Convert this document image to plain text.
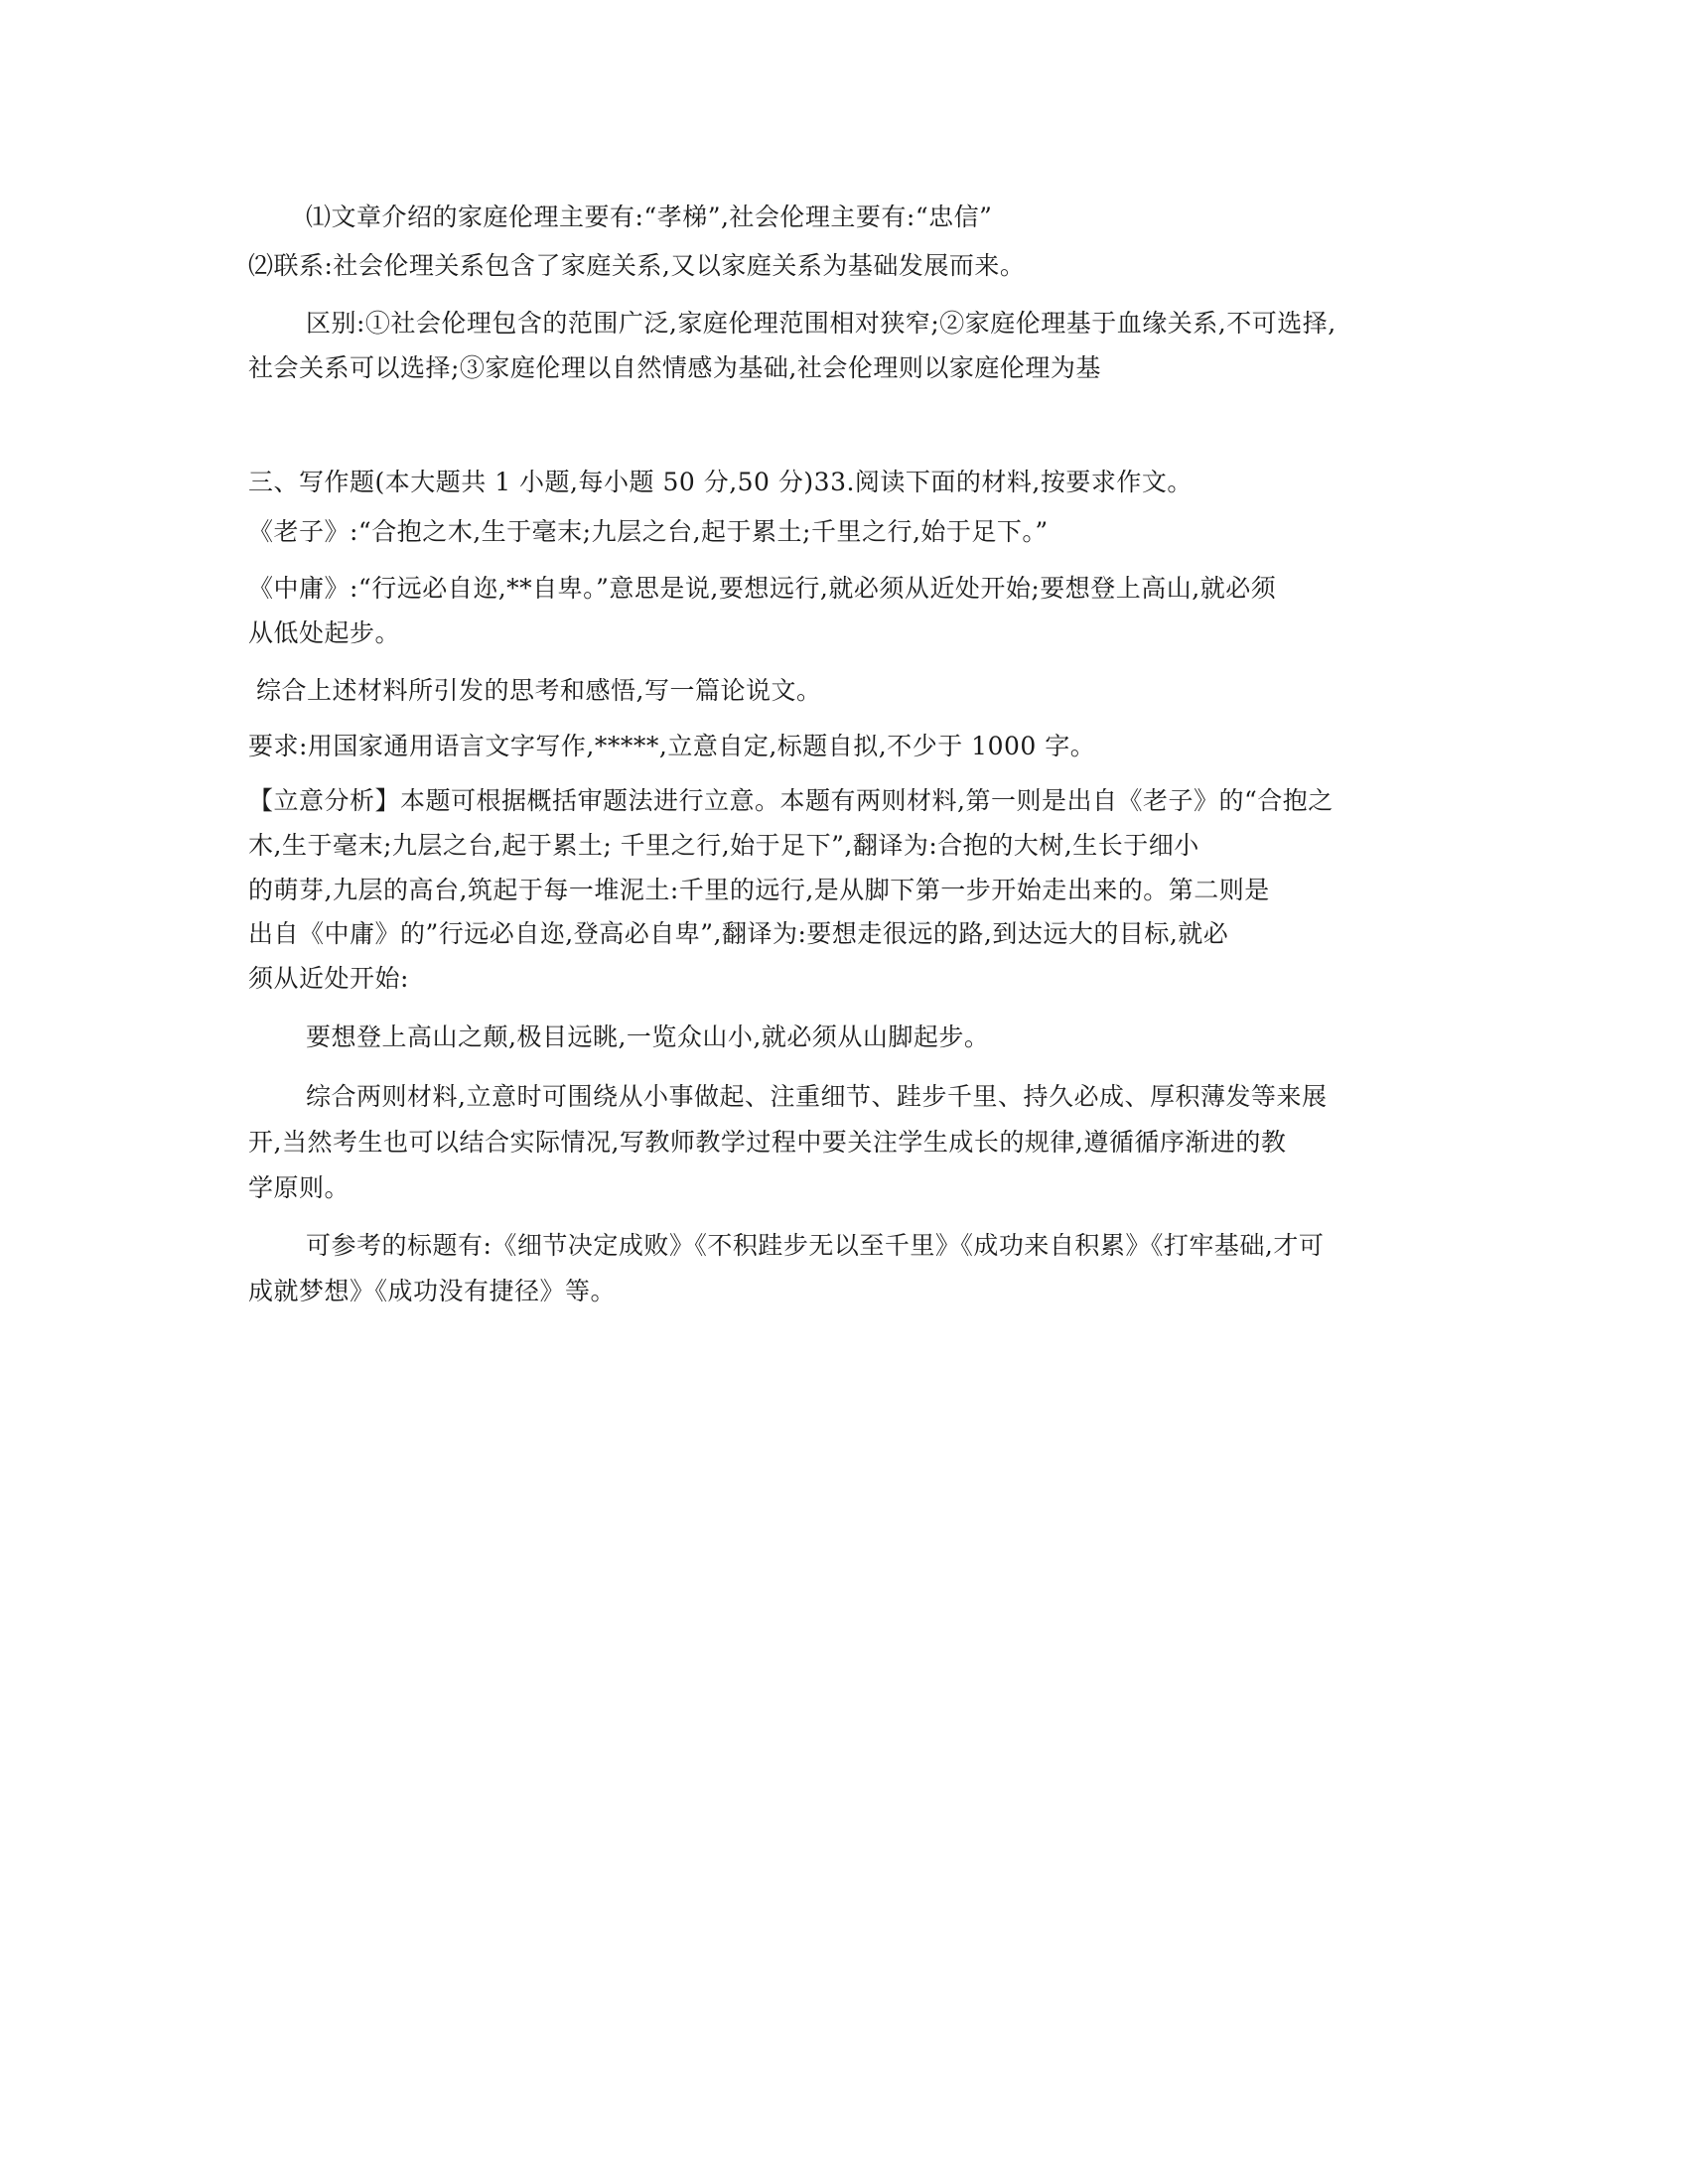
⑴文章介绍的家庭伦理主要有:“孝梯”,社会伦理主要有:“忠信”
⑵联系:社会伦理关系包含了家庭关系,又以家庭关系为基础发展而来。
区别:①社会伦理包含的范围广泛,家庭伦理范围相对狭窄;②家庭伦理基于血缘关系,不可选择,
社会关系可以选择;③家庭伦理以自然情感为基础,社会伦理则以家庭伦理为基
三、写作题(本大题共 1 小题,每小题 50 分,50 分)33.阅读下面的材料,按要求作文。
《老子》:“合抱之木,生于毫末;九层之台,起于累土;千里之行,始于足下。”
《中庸》:“行远必自迩,**自卑。”意思是说,要想远行,就必须从近处开始;要想登上高山,就必须
从低处起步。
综合上述材料所引发的思考和感悟,写一篇论说文。
要求:用国家通用语言文字写作,*****,立意自定,标题自拟,不少于 1000 字。
【立意分析】本题可根据概括审题法进行立意。本题有两则材料,第一则是出自《老子》的“合抱之
木,生于毫末;九层之台,起于累土; 千里之行,始于足下”,翻译为:合抱的大树,生长于细小
的萌芽,九层的高台,筑起于每一堆泥土:千里的远行,是从脚下第一步开始走出来的。第二则是
出自《中庸》的”行远必自迩,登高必自卑”,翻译为:要想走很远的路,到达远大的目标,就必
须从近处开始:
要想登上高山之颠,极目远眺,一览众山小,就必须从山脚起步。
综合两则材料,立意时可围绕从小事做起、注重细节、跬步千里、持久必成、厚积薄发等来展
开,当然考生也可以结合实际情况,写教师教学过程中要关注学生成长的规律,遵循循序渐进的教
学原则。
可参考的标题有:《细节决定成败》《不积跬步无以至千里》《成功来自积累》《打牢基础,才可
成就梦想》《成功没有捷径》等。
